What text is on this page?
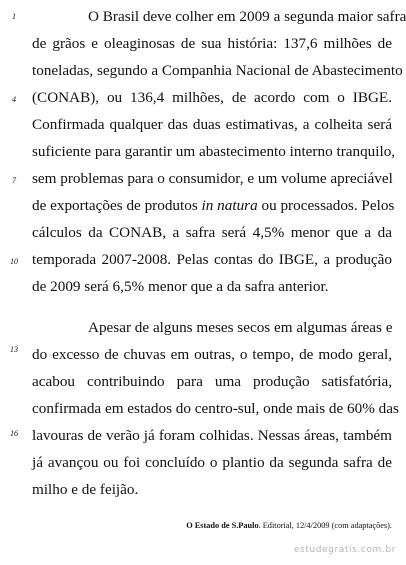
1
4
7
10
13
16
O Brasil deve colher em 2009 a segunda maior safra
de grãos e oleaginosas de sua história: 137,6 milhões de
toneladas, segundo a Companhia Nacional de Abastecimento
(CONAB), ou 136,4 milhões, de acordo com o IBGE.
Confirmada qualquer das duas estimativas, a colheita será
suficiente para garantir um abastecimento interno tranquilo,
sem problemas para o consumidor, e um volume apreciável
de exportações de produtos in natura ou processados. Pelos
cálculos da CONAB, a safra será 4,5% menor que a da
temporada 2007-2008. Pelas contas do IBGE, a produção
de 2009 será 6,5% menor que a da safra anterior.
Apesar de alguns meses secos em algumas áreas e
do excesso de chuvas em outras, o tempo, de modo geral,
acabou contribuindo para uma produção satisfatória,
confirmada em estados do centro-sul, onde mais de 60% das
lavouras de verão já foram colhidas. Nessas áreas, também
já avançou ou foi concluído o plantio da segunda safra de
milho e de feijão.
O Estado de S.Paulo. Editorial, 12/4/2009 (com adaptações).
estudegratis.com.br
